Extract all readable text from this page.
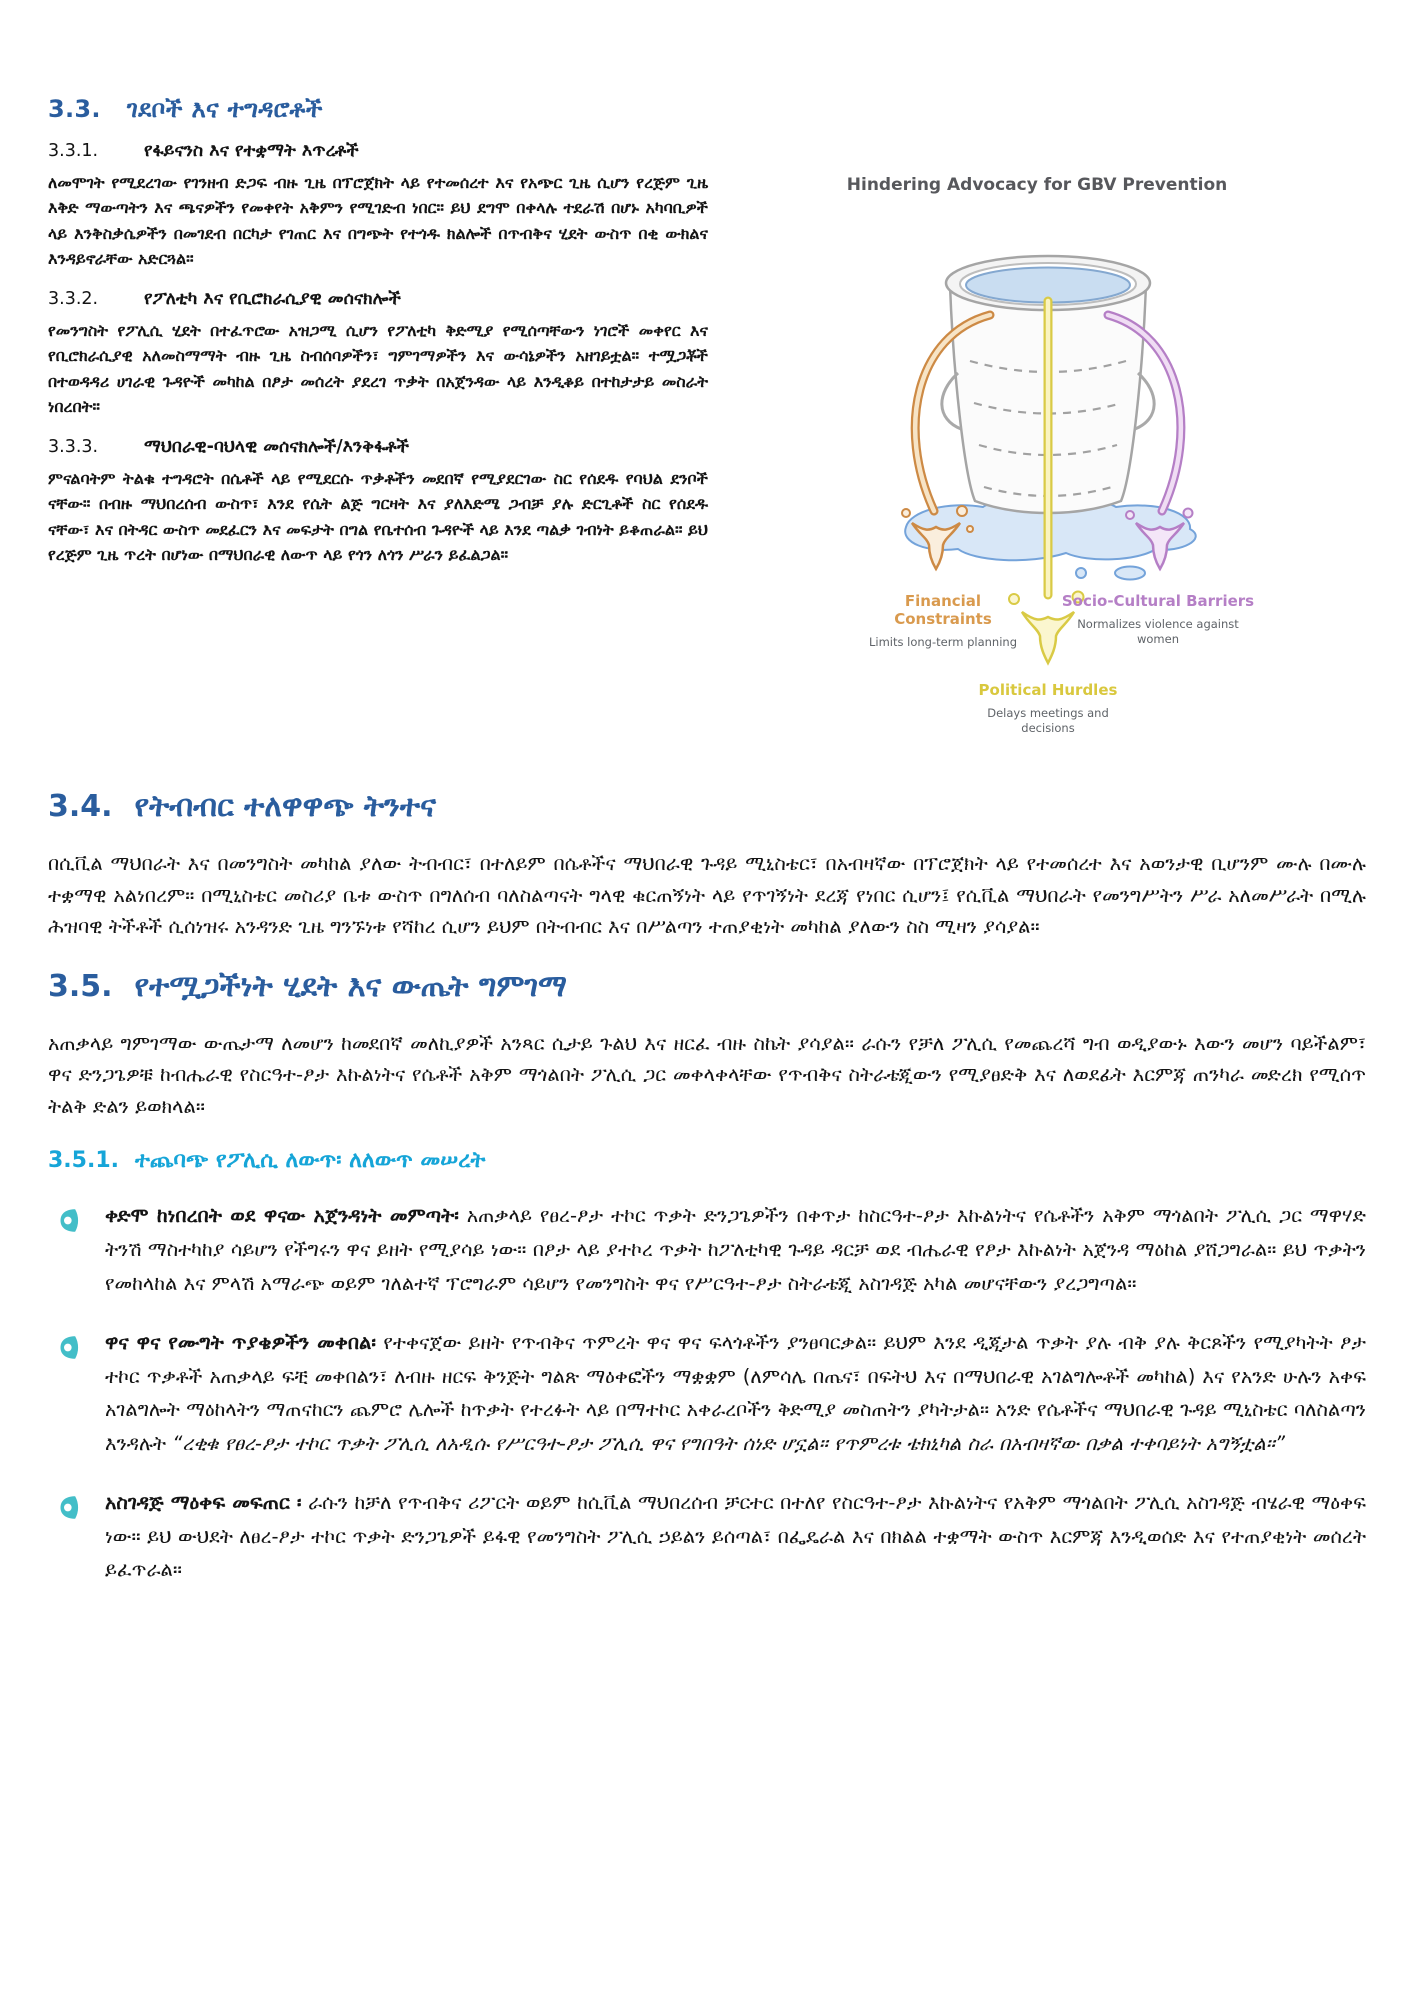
3.3. ገደቦች እና ተግዳሮቶች
3.3.1.	የፋይናንስ እና የተቋማት እጥረቶች

ለመሞገት የሚደረገው የገንዘብ ድጋፍ ብዙ ጊዜ በፕሮጀክት ላይ የተመሰረተ እና የአጭር ጊዜ ሲሆን የረጅም ጊዜ እቅድ ማውጣትን እና ጫናዎችን የመቀየት አቅምን የሚገድብ ነበር። ይህ ደግሞ በቀላሉ ተደራሽ በሆኑ አካባቢዎች ላይ እንቅስቃሴዎችን በመገደብ በርካታ የገጠር እና በግጭት የተጎዱ ክልሎች በጥብቅና ሂደት ውስጥ በቂ ውክልና እንዳይኖራቸው አድርጓል።

3.3.2.	የፖለቲካ እና የቢሮክራሲያዊ መሰናክሎች

የመንግስት የፖሊሲ ሂደት በተፈጥሮው አዝጋሚ ሲሆን የፖለቲካ ቅድሚያ የሚሰጣቸውን ነገሮች መቀየር እና የቢሮክራሲያዊ አለመስማማት ብዙ ጊዜ ስብሰባዎችን፣ ግምገማዎችን እና ውሳኔዎችን አዘገይቷል። ተሟጋቾች በተወዳዳሪ ሀገራዊ ጉዳዮች መካከል በፆታ መሰረት ያደረገ ጥቃት በአጀንዳው ላይ እንዲቆይ በተከታታይ መስራት ነበረበት።

3.3.3.	ማህበራዊ-ባህላዊ መሰናክሎች/እንቅፋቶች

ምናልባትም ትልቁ ተግዳሮት በሴቶች ላይ የሚደርሱ ጥቃቶችን መደበኛ የሚያደርገው ስር የሰደዱ የባህል ደንቦች ናቸው። በብዙ ማህበረሰብ ውስጥ፣ እንደ የሴት ልጅ ግርዛት እና ያለእድሜ ጋብቻ ያሉ ድርጊቶች ስር የሰደዱ ናቸው፣ እና በትዳር ውስጥ መደፈርን እና መፍታት በግል የቤተሰብ ጉዳዮች ላይ እንደ ጣልቃ ገብነት ይቆጠራል። ይህ የረጅም ጊዜ ጥረት በሆነው በማህበራዊ ለውጥ ላይ የጎን ለጎን ሥራን ይፈልጋል።

Hindering Advocacy for GBV Prevention
Financial Constraints
Limits long-term planning
Political Hurdles
Delays meetings and decisions
Socio-Cultural Barriers
Normalizes violence against women
3.4. የትብብር ተለዋዋጭ ትንተና

በሲቪል ማህበራት እና በመንግስት መካከል ያለው ትብብር፣ በተለይም በሴቶችና ማህበራዊ ጉዳይ ሚኒስቴር፣ በአብዛኛው በፕሮጀክት ላይ የተመሰረተ እና አወንታዊ ቢሆንም ሙሉ በሙሉ ተቋማዊ አልነበረም። በሚኒስቴር መስሪያ ቤቱ ውስጥ በግለሰብ ባለስልጣናት ግላዊ ቁርጠኝነት ላይ የጥገኝነት ደረጃ የነበር ሲሆን፤ የሲቪል ማህበራት የመንግሥትን ሥራ አለመሥራት በሚሉ ሕዝባዊ ትችቶች ሲሰነዝሩ አንዳንድ ጊዜ ግንኙነቱ የሻከረ ሲሆን ይህም በትብብር እና በሥልጣን ተጠያቂነት መካከል ያለውን ስስ ሚዛን ያሳያል።

3.5. የተሟጋችነት ሂደት እና ውጤት ግምገማ

አጠቃላይ ግምገማው ውጤታማ ለመሆን ከመደበኛ መለኪያዎች አንጻር ሲታይ ጉልህ እና ዘርፈ ብዙ ስኬት ያሳያል። ራሱን የቻለ ፖሊሲ የመጨረሻ ግብ ወዲያውኑ እውን መሆን ባይችልም፣ ዋና ድንጋጌዎቹ ከብሔራዊ የስርዓተ-ፆታ እኩልነትና የሴቶች አቅም ማጎልበት ፖሊሲ ጋር መቀላቀላቸው የጥብቅና ስትራቴጂውን የሚያፀድቅ እና ለወደፊት እርምጃ ጠንካራ መድረክ የሚሰጥ ትልቅ ድልን ይወክላል።

3.5.1. ተጨባጭ የፖሊሲ ለውጥ፡ ለለውጥ መሠረት

ቀድሞ ከነበረበት ወደ ዋናው አጀንዳነት መምጣት፡ አጠቃላይ የፀረ-ፆታ ተኮር ጥቃት ድንጋጌዎችን በቀጥታ ከስርዓተ-ፆታ እኩልነትና የሴቶችን አቅም ማጎልበት ፖሊሲ ጋር ማዋሃድ ትንሽ ማስተካከያ ሳይሆን የችግሩን ዋና ይዘት የሚያሳይ ነው። በፆታ ላይ ያተኮረ ጥቃት ከፖለቲካዊ ጉዳይ ዳርቻ ወደ ብሔራዊ የፆታ እኩልነት አጀንዳ ማዕከል ያሸጋግራል። ይህ ጥቃትን የመከላከል እና ምላሽ አማራጭ ወይም ገለልተኛ ፕሮግራም ሳይሆን የመንግስት ዋና የሥርዓተ-ፆታ ስትራቴጂ አስገዳጅ አካል መሆናቸውን ያረጋግጣል።

ዋና ዋና የሙግት ጥያቄዎችን መቀበል፡ የተቀናጀው ይዘት የጥብቅና ጥምረት ዋና ዋና ፍላጎቶችን ያንፀባርቃል። ይህም እንደ ዲጂታል ጥቃት ያሉ ብቅ ያሉ ቅርጾችን የሚያካትት ፆታ ተኮር ጥቃቶች አጠቃላይ ፍቺ መቀበልን፣ ለብዙ ዘርፍ ቅንጅት ግልጽ ማዕቀፎችን ማቋቋም (ለምሳሌ በጤና፣ በፍትህ እና በማህበራዊ አገልግሎቶች መካከል) እና የአንድ ሁሉን አቀፍ አገልግሎት ማዕከላትን ማጠናከርን ጨምሮ ሌሎች ከጥቃት የተረፉት ላይ በማተኮር አቀራረቦችን ቅድሚያ መስጠትን ያካትታል። አንድ የሴቶችና ማህበራዊ ጉዳይ ሚኒስቴር ባለስልጣን እንዳሉት “ረቂቁ የፀረ-ፆታ ተኮር ጥቃት ፖሊሲ ለአዲሱ የሥርዓተ-ፆታ ፖሊሲ ዋና የግበዓት ሰነድ ሆኗል። የጥምረቱ ቴክኒካል ስራ በአብዛኛው በቃል ተቀባይነት አግኝቷል።”

አስገዳጅ ማዕቀፍ መፍጠር ፡ ራሱን ከቻለ የጥብቅና ሪፖርት ወይም ከሲቪል ማህበረሰብ ቻርተር በተለየ የስርዓተ-ፆታ እኩልነትና የአቅም ማጎልበት ፖሊሲ አስገዳጅ ብሄራዊ ማዕቀፍ ነው። ይህ ውህደት ለፀረ-ፆታ ተኮር ጥቃት ድንጋጌዎች ይፋዊ የመንግስት ፖሊሲ ኃይልን ይሰጣል፣ በፌዴራል እና በክልል ተቋማት ውስጥ እርምጃ እንዲወሰድ እና የተጠያቂነት መሰረት ይፈጥራል።
